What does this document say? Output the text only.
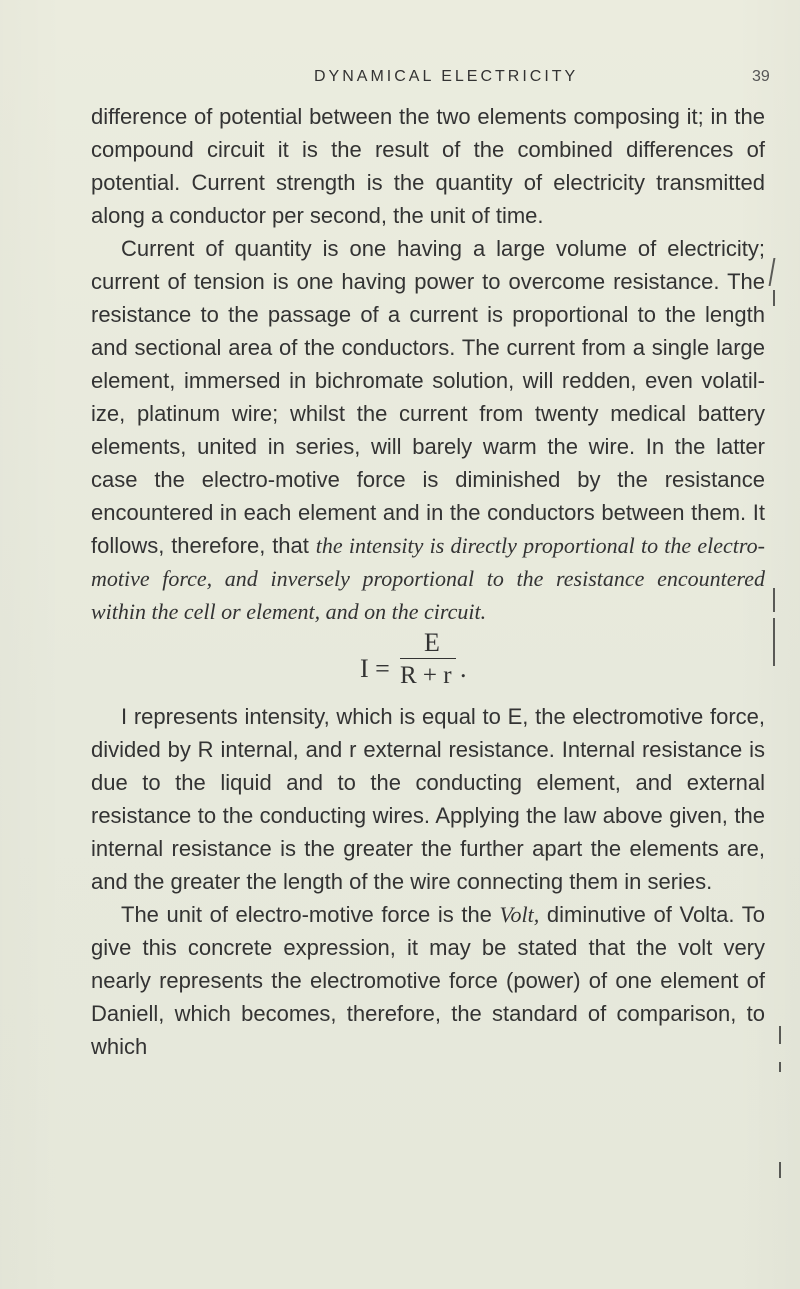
DYNAMICAL ELECTRICITY	39

difference of potential between the two elements composing it; in the compound circuit it is the result of the combined differences of potential. Current strength is the quantity of electricity transmitted along a conductor per second, the unit of time.

Current of quantity is one having a large volume of electricity; current of tension is one having power to overcome resistance. The resistance to the passage of a current is proportional to the length and sectional area of the conductors. The current from a single large element, immersed in bichromate solution, will redden, even volatilize, platinum wire; whilst the current from twenty medical battery elements, united in series, will barely warm the wire. In the latter case the electro-motive force is diminished by the resistance encountered in each element and in the conductors between them. It follows, therefore, that the intensity is directly proportional to the electro-motive force, and inversely proportional to the resistance encountered within the cell or element, and on the circuit.

I =
E
R + r .

I represents intensity, which is equal to E, the electromotive force, divided by R internal, and r external resistance. Internal resistance is due to the liquid and to the conducting element, and external resistance to the conducting wires. Applying the law above given, the internal resistance is the greater the further apart the elements are, and the greater the length of the wire connecting them in series.

The unit of electro-motive force is the Volt, diminutive of Volta. To give this concrete expression, it may be stated that the volt very nearly represents the electromotive force (power) of one element of Daniell, which becomes, therefore, the standard of comparison, to which
